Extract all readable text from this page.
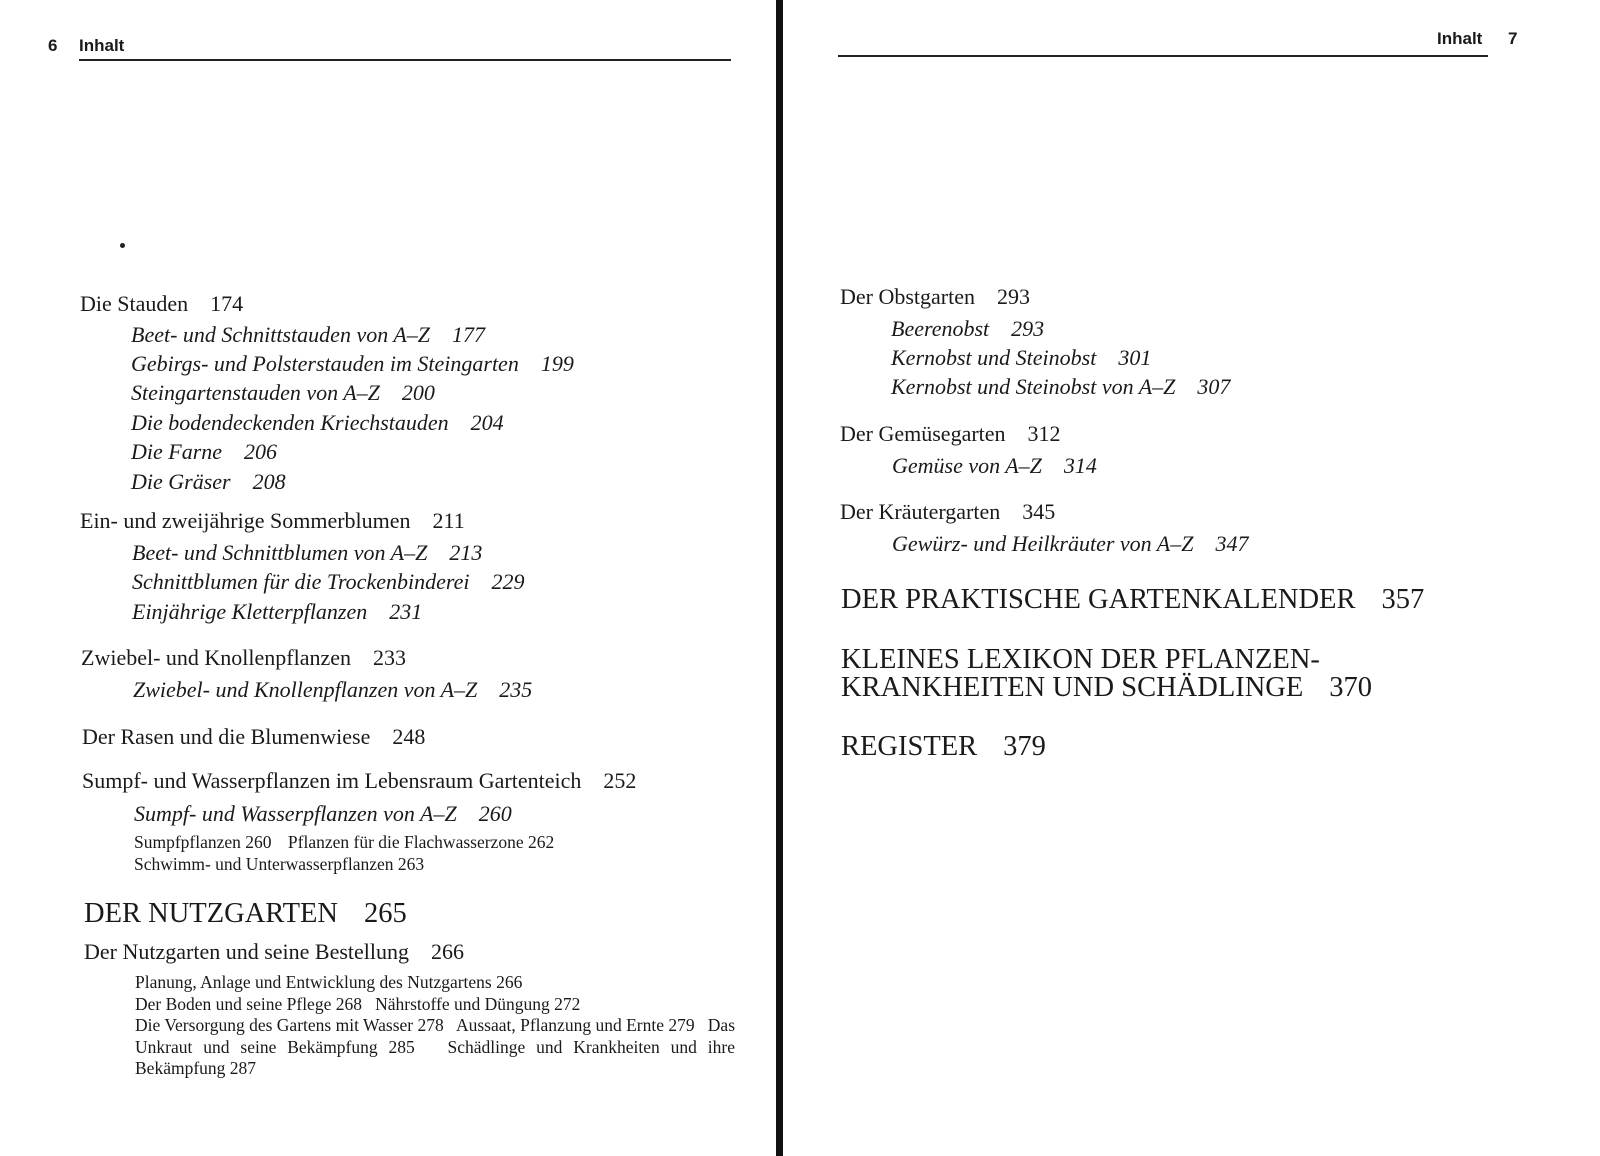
6 Inhalt
Die Stauden 174
Beet- und Schnittstauden von A–Z 177
Gebirgs- und Polsterstauden im Steingarten 199
Steingartenstauden von A–Z 200
Die bodendeckenden Kriechstauden 204
Die Farne 206
Die Gräser 208
Ein- und zweijährige Sommerblumen 211
Beet- und Schnittblumen von A–Z 213
Schnittblumen für die Trockenbinderei 229
Einjährige Kletterpflanzen 231
Zwiebel- und Knollenpflanzen 233
Zwiebel- und Knollenpflanzen von A–Z 235
Der Rasen und die Blumenwiese 248
Sumpf- und Wasserpflanzen im Lebensraum Gartenteich 252
Sumpf- und Wasserpflanzen von A–Z 260
Sumpfpflanzen 260 Pflanzen für die Flachwasserzone 262
Schwimm- und Unterwasserpflanzen 263
DER NUTZGARTEN 265
Der Nutzgarten und seine Bestellung 266
Planung, Anlage und Entwicklung des Nutzgartens 266
Der Boden und seine Pflege 268 Nährstoffe und Düngung 272
Die Versorgung des Gartens mit Wasser 278 Aussaat, Pflanzung und Ernte 279 Das Unkraut und seine Bekämpfung 285 Schädlinge und Krankheiten und ihre Bekämpfung 287
Inhalt 7
Der Obstgarten 293
Beerenobst 293
Kernobst und Steinobst 301
Kernobst und Steinobst von A–Z 307
Der Gemüsegarten 312
Gemüse von A–Z 314
Der Kräutergarten 345
Gewürz- und Heilkräuter von A–Z 347
DER PRAKTISCHE GARTENKALENDER 357
KLEINES LEXIKON DER PFLANZEN-
KRANKHEITEN UND SCHÄDLINGE 370
REGISTER 379
